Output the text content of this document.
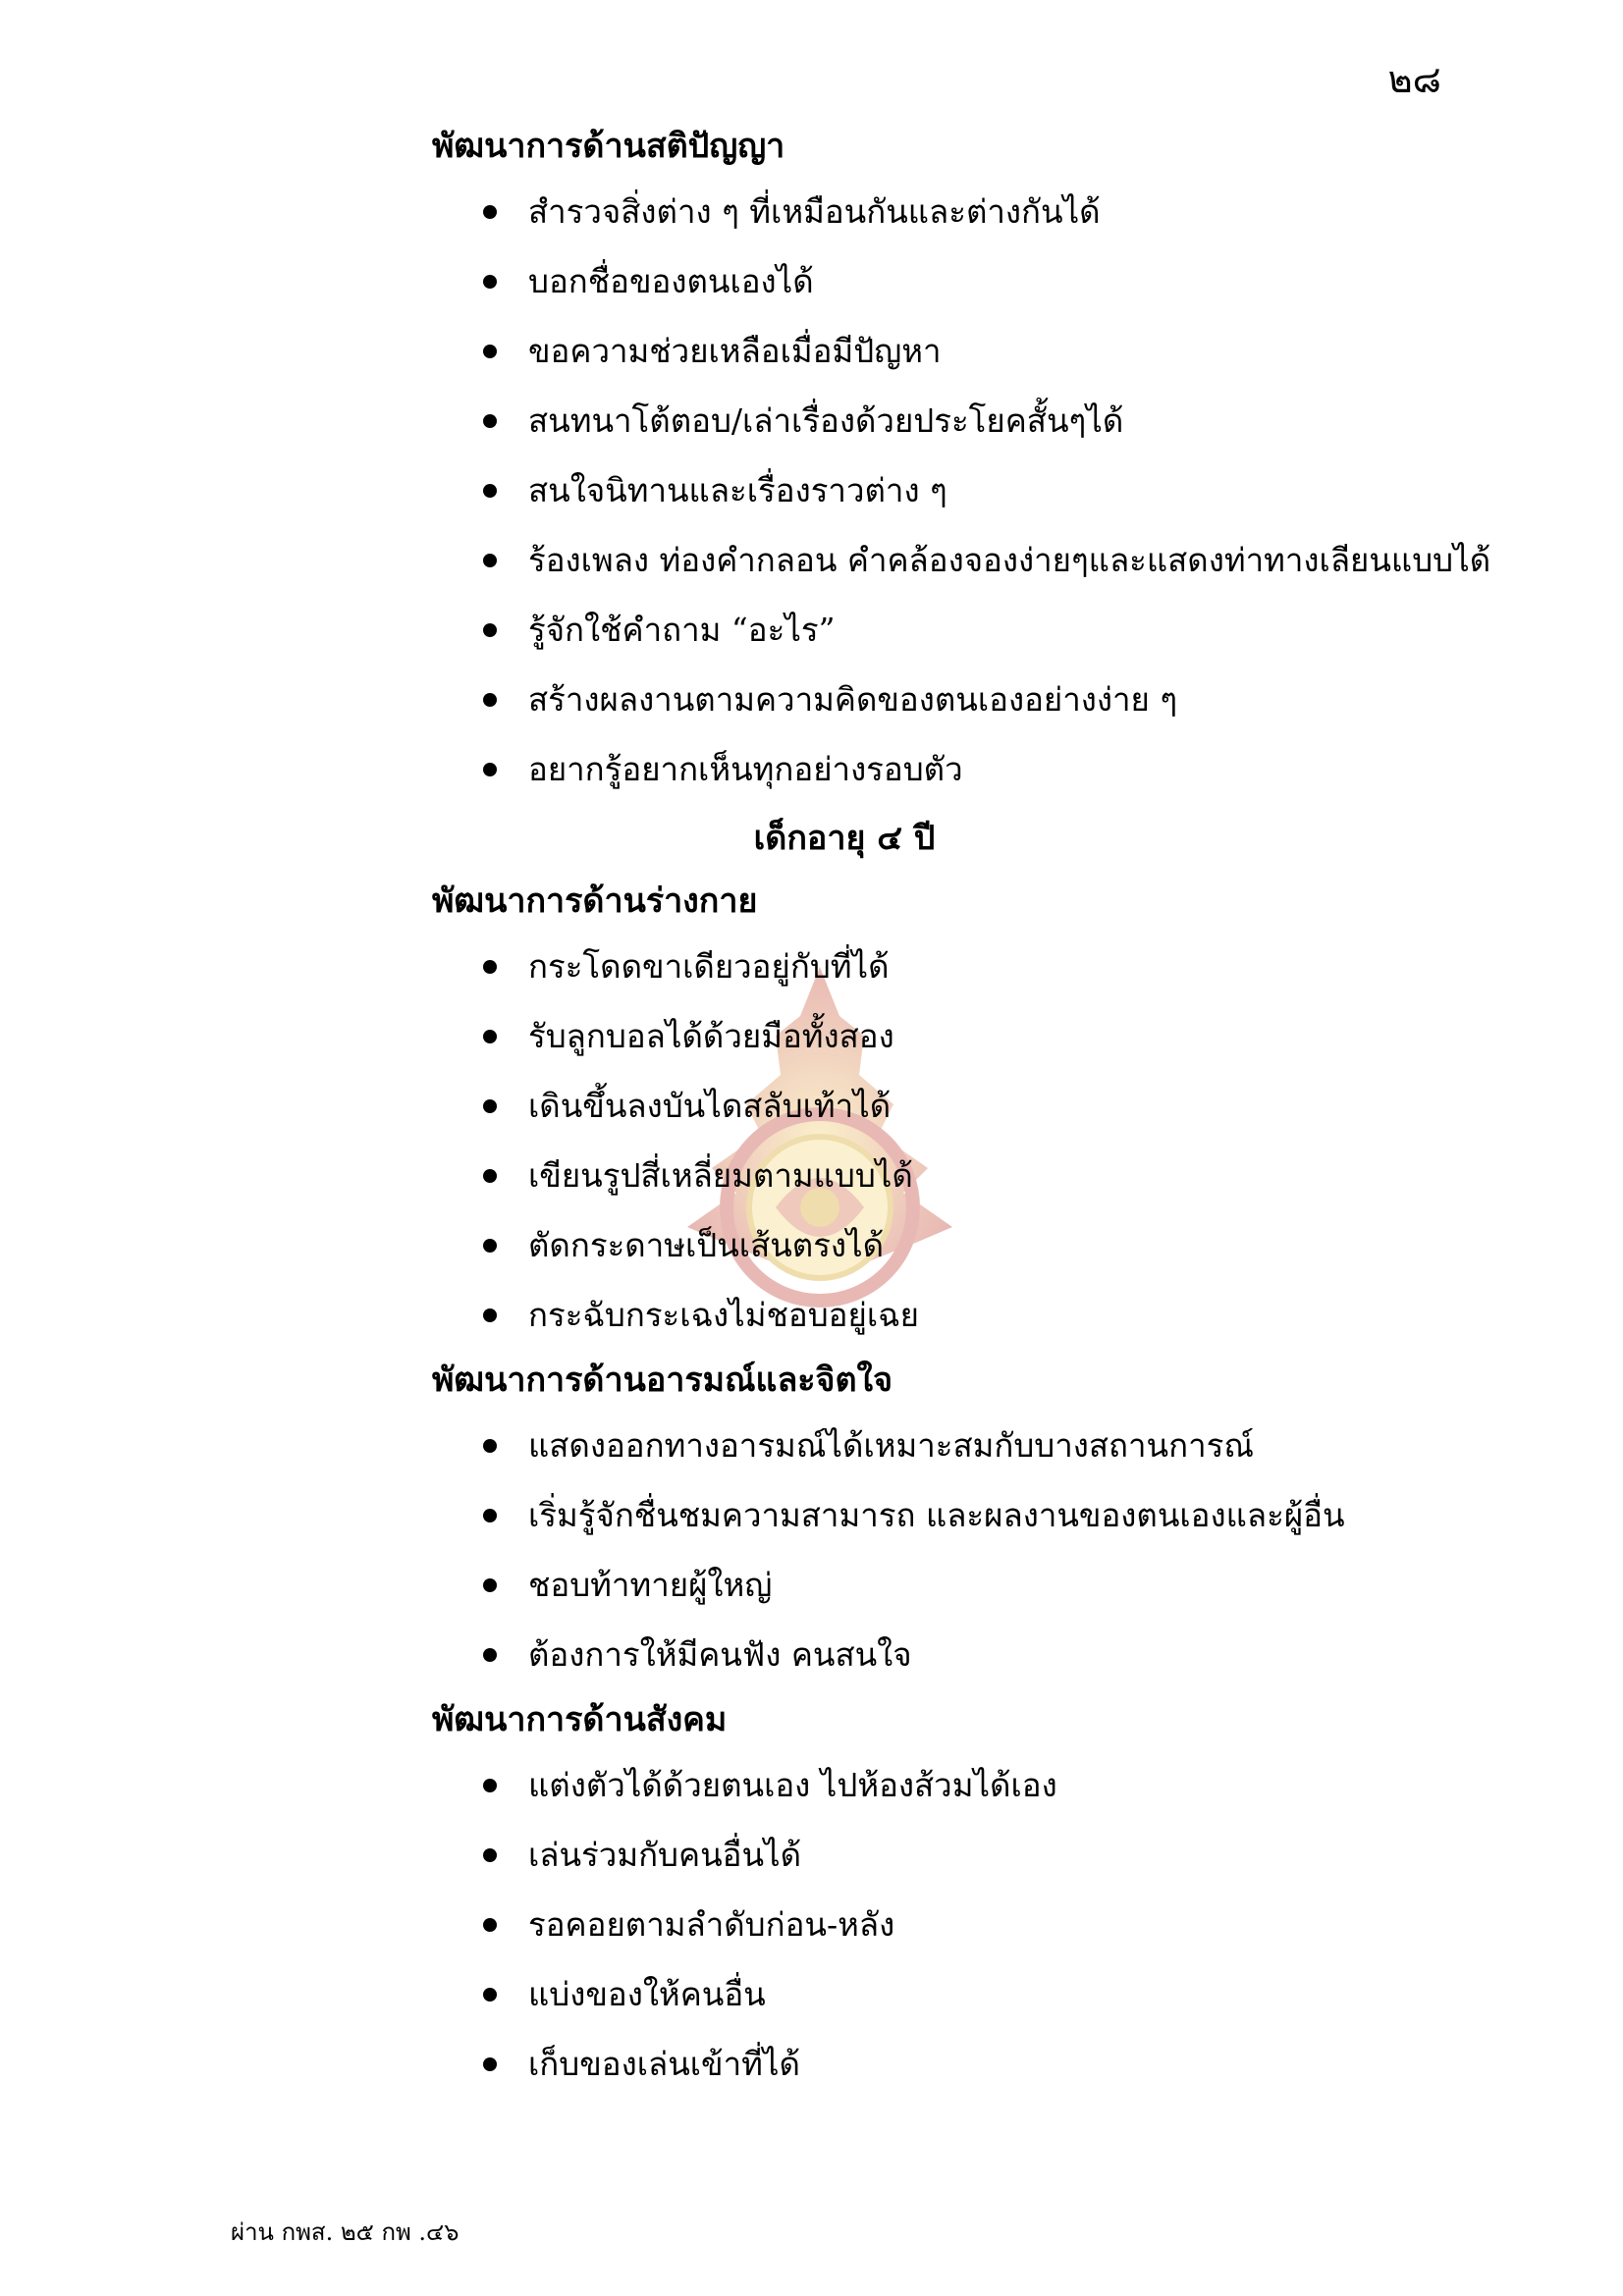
๒๘
พัฒนาการด้านสติปัญญา
สำรวจสิ่งต่าง ๆ ที่เหมือนกันและต่างกันได้
บอกชื่อของตนเองได้
ขอความช่วยเหลือเมื่อมีปัญหา
สนทนาโต้ตอบ/เล่าเรื่องด้วยประโยคสั้นๆได้
สนใจนิทานและเรื่องราวต่าง ๆ
ร้องเพลง ท่องคำกลอน คำคล้องจองง่ายๆและแสดงท่าทางเลียนแบบได้
รู้จักใช้คำถาม “อะไร”
สร้างผลงานตามความคิดของตนเองอย่างง่าย ๆ
อยากรู้อยากเห็นทุกอย่างรอบตัว
เด็กอายุ ๔ ปี
พัฒนาการด้านร่างกาย
กระโดดขาเดียวอยู่กับที่ได้
รับลูกบอลได้ด้วยมือทั้งสอง
เดินขึ้นลงบันไดสลับเท้าได้
เขียนรูปสี่เหลี่ยมตามแบบได้
ตัดกระดาษเป็นเส้นตรงได้
กระฉับกระเฉงไม่ชอบอยู่เฉย
พัฒนาการด้านอารมณ์และจิตใจ
แสดงออกทางอารมณ์ได้เหมาะสมกับบางสถานการณ์
เริ่มรู้จักชื่นชมความสามารถ และผลงานของตนเองและผู้อื่น
ชอบท้าทายผู้ใหญ่
ต้องการให้มีคนฟัง คนสนใจ
พัฒนาการด้านสังคม
แต่งตัวได้ด้วยตนเอง ไปห้องส้วมได้เอง
เล่นร่วมกับคนอื่นได้
รอคอยตามลำดับก่อน-หลัง
แบ่งของให้คนอื่น
เก็บของเล่นเข้าที่ได้
ผ่าน กพส. ๒๕ กพ .๔๖
